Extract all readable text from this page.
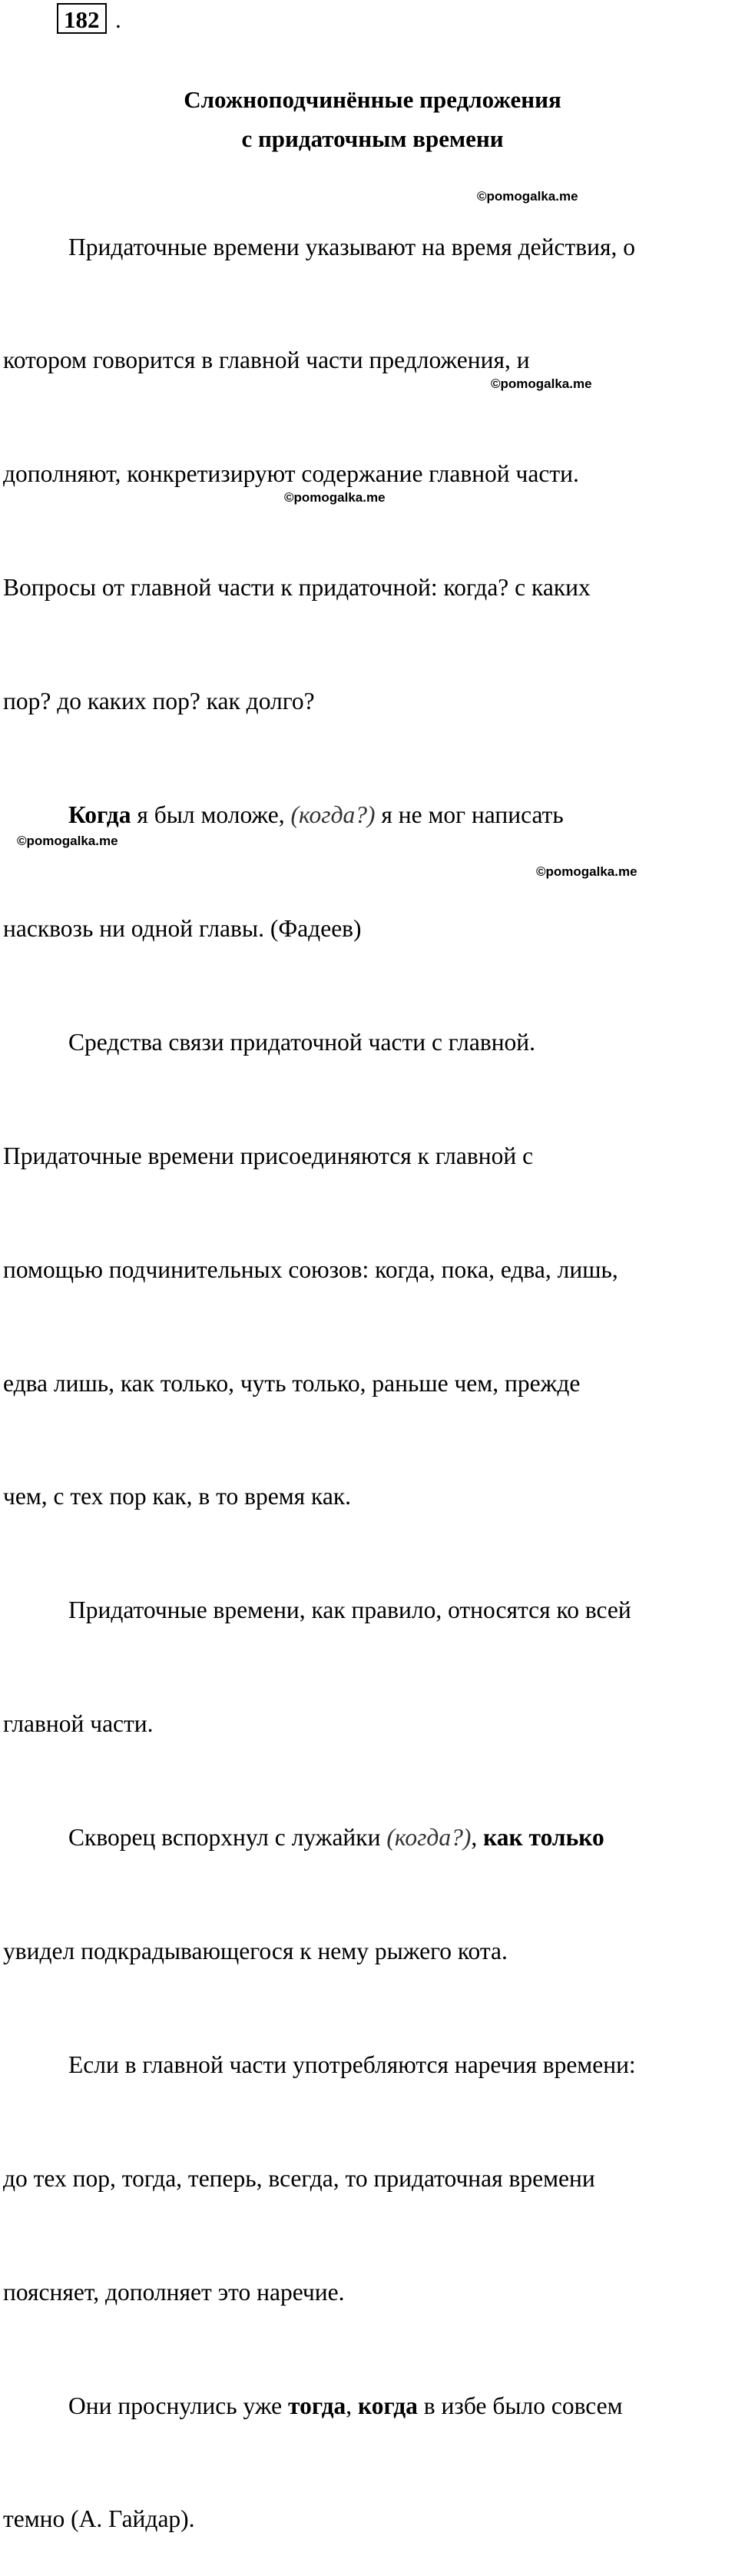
182 .
Сложноподчинённые предложения
с придаточным времени

Придаточные времени указывают на время действия, о

котором говорится в главной части предложения, и

дополняют, конкретизируют содержание главной части.

Вопросы от главной части к придаточной: когда? с каких

пор? до каких пор? как долго?

Когда я был моложе, (когда?) я не мог написать

насквозь ни одной главы. (Фадеев)

Средства связи придаточной части с главной.

Придаточные времени присоединяются к главной с

помощью подчинительных союзов: когда, пока, едва, лишь,

едва лишь, как только, чуть только, раньше чем, прежде

чем, с тех пор как, в то время как.

Придаточные времени, как правило, относятся ко всей

главной части.

Скворец вспорхнул с лужайки (когда?), как только

увидел подкрадывающегося к нему рыжего кота.

Если в главной части употребляются наречия времени:

до тех пор, тогда, теперь, всегда, то придаточная времени

поясняет, дополняет это наречие.

Они проснулись уже тогда, когда в избе было совсем

темно (А. Гайдар).

©pomogalka.me
©pomogalka.me
©pomogalka.me
©pomogalka.me
©pomogalka.me
